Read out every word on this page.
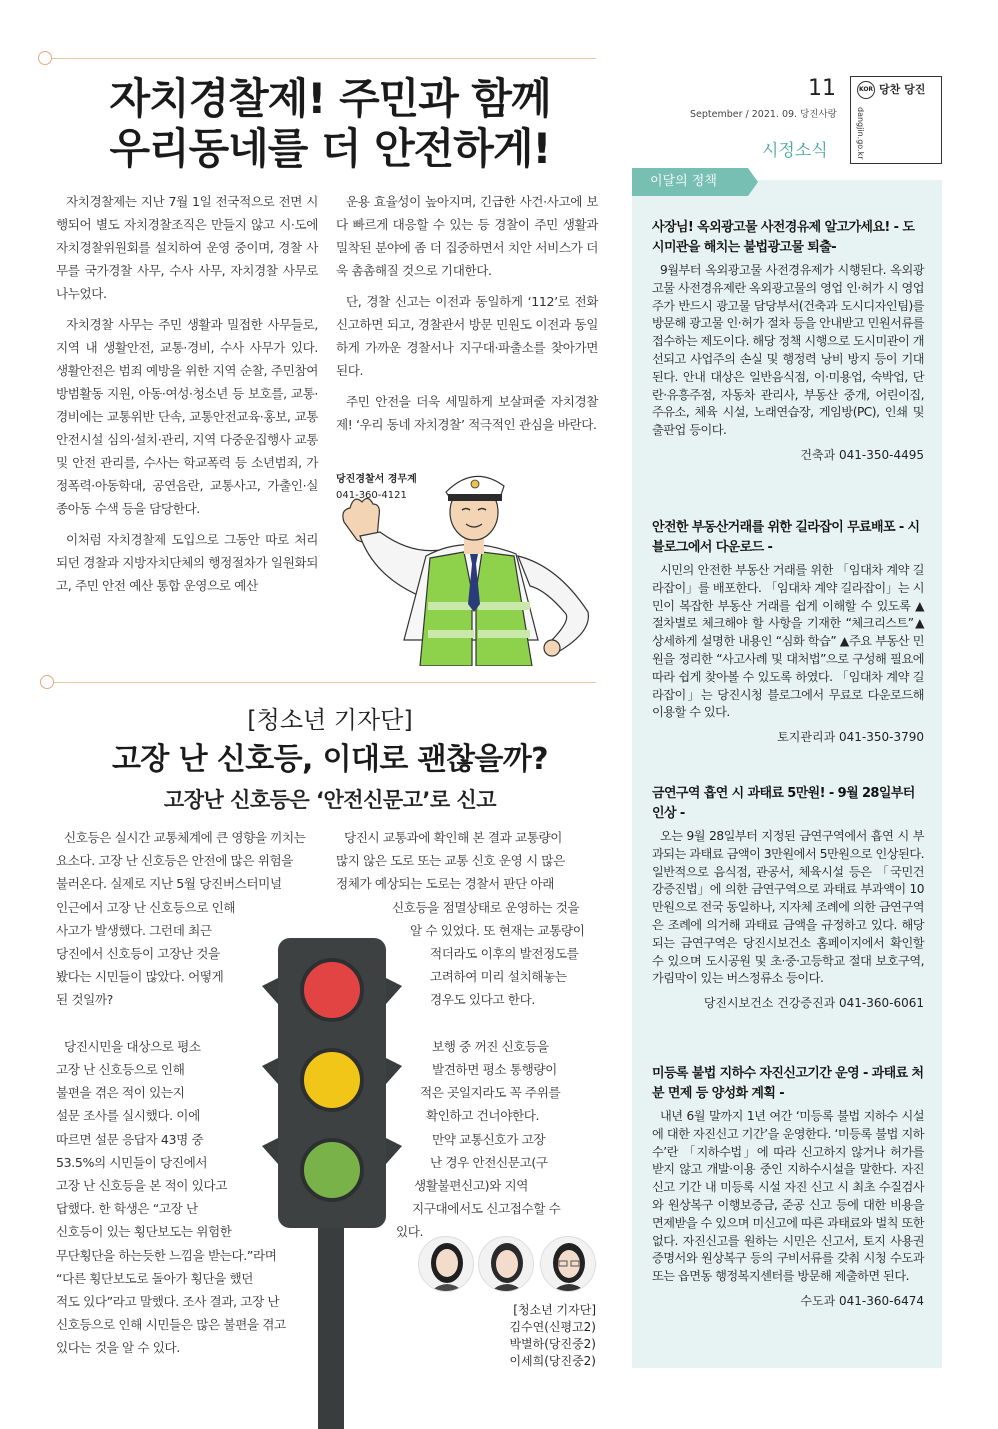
11
September / 2021. 09. 당진사랑
시정소식
KOR 당찬 당진
dangjin.go.kr
자치경찰제! 주민과 함께
우리동네를 더 안전하게!

자치경찰제는 지난 7월 1일 전국적으로 전면 시행되어 별도 자치경찰조직은 만들지 않고 시·도에 자치경찰위원회를 설치하여 운영 중이며, 경찰 사무를 국가경찰 사무, 수사 사무, 자치경찰 사무로 나누었다.

자치경찰 사무는 주민 생활과 밀접한 사무들로, 지역 내 생활안전, 교통·경비, 수사 사무가 있다. 생활안전은 범죄 예방을 위한 지역 순찰, 주민참여 방범활동 지원, 아동·여성·청소년 등 보호를, 교통·경비에는 교통위반 단속, 교통안전교육·홍보, 교통안전시설 심의·설치·관리, 지역 다중운집행사 교통 및 안전 관리를, 수사는 학교폭력 등 소년범죄, 가정폭력·아동학대, 공연음란, 교통사고, 가출인·실종아동 수색 등을 담당한다.

이처럼 자치경찰제 도입으로 그동안 따로 처리되던 경찰과 지방자치단체의 행정절차가 일원화되고, 주민 안전 예산 통합 운영으로 예산

운용 효율성이 높아지며, 긴급한 사건·사고에 보다 빠르게 대응할 수 있는 등 경찰이 주민 생활과 밀착된 분야에 좀 더 집중하면서 치안 서비스가 더욱 촘촘해질 것으로 기대한다.

단, 경찰 신고는 이전과 동일하게 ‘112’로 전화신고하면 되고, 경찰관서 방문 민원도 이전과 동일하게 가까운 경찰서나 지구대·파출소를 찾아가면 된다.

주민 안전을 더욱 세밀하게 보살펴줄 자치경찰제! ‘우리 동네 자치경찰’ 적극적인 관심을 바란다.

당진경찰서 경무계
041-360-4121
[청소년 기자단]
고장 난 신호등, 이대로 괜찮을까?
고장난 신호등은 ‘안전신문고’로 신고
신호등은 실시간 교통체계에 큰 영향을 끼치는
요소다. 고장 난 신호등은 안전에 많은 위험을
불러온다. 실제로 지난 5월 당진버스터미널
인근에서 고장 난 신호등으로 인해
사고가 발생했다. 그런데 최근
당진에서 신호등이 고장난 것을
봤다는 시민들이 많았다. 어떻게
된 것일까?
당진시민을 대상으로 평소
고장 난 신호등으로 인해
불편을 겪은 적이 있는지
설문 조사를 실시했다. 이에
따르면 설문 응답자 43명 중
53.5%의 시민들이 당진에서
고장 난 신호등을 본 적이 있다고
답했다. 한 학생은 “고장 난
신호등이 있는 횡단보도는 위험한
무단횡단을 하는듯한 느낌을 받는다.”라며
“다른 횡단보도로 돌아가 횡단을 했던
적도 있다”라고 말했다. 조사 결과, 고장 난
신호등으로 인해 시민들은 많은 불편을 겪고
있다는 것을 알 수 있다.
당진시 교통과에 확인해 본 결과 교통량이
많지 않은 도로 또는 교통 신호 운영 시 많은
정체가 예상되는 도로는 경찰서 판단 아래
신호등을 점멸상태로 운영하는 것을
알 수 있었다. 또 현재는 교통량이
적더라도 이후의 발전정도를
고려하여 미리 설치해놓는
경우도 있다고 한다.
보행 중 꺼진 신호등을
발견하면 평소 통행량이
적은 곳일지라도 꼭 주위를
확인하고 건너야한다.
만약 교통신호가 고장
난 경우 안전신문고(구
생활불편신고)와 지역
지구대에서도 신고접수할 수
있다.
[청소년 기자단]
김수연(신평고2)
박별하(당진중2)
이세희(당진중2)
이달의 정책
사장님! 옥외광고물 사전경유제 알고가세요! - 도시미관을 해치는 불법광고물 퇴출-
9월부터 옥외광고물 사전경유제가 시행된다. 옥외광고물 사전경유제란 옥외광고물의 영업 인·허가 시 영업주가 반드시 광고물 담당부서(건축과 도시디자인팀)를 방문해 광고물 인·허가 절차 등을 안내받고 민원서류를 접수하는 제도이다. 해당 정책 시행으로 도시미관이 개선되고 사업주의 손실 및 행정력 낭비 방지 등이 기대된다. 안내 대상은 일반음식점, 이·미용업, 숙박업, 단란·유흥주점, 자동차 관리사, 부동산 중개, 어린이집, 주유소, 체육 시설, 노래연습장, 게임방(PC), 인쇄 및 출판업 등이다.
건축과 041-350-4495
안전한 부동산거래를 위한 길라잡이 무료배포 - 시 블로그에서 다운로드 -
시민의 안전한 부동산 거래를 위한 「임대차 계약 길라잡이」를 배포한다. 「임대차 계약 길라잡이」는 시민이 복잡한 부동산 거래를 쉽게 이해할 수 있도록 ▲절차별로 체크해야 할 사항을 기재한 “체크리스트”▲상세하게 설명한 내용인 “심화 학습” ▲주요 부동산 민원을 정리한 “사고사례 및 대처법”으로 구성해 필요에 따라 쉽게 찾아볼 수 있도록 하였다. 「임대차 계약 길라잡이」는 당진시청 블로그에서 무료로 다운로드해 이용할 수 있다.
토지관리과 041-350-3790
금연구역 흡연 시 과태료 5만원! - 9월 28일부터 인상 -
오는 9월 28일부터 지정된 금연구역에서 흡연 시 부과되는 과태료 금액이 3만원에서 5만원으로 인상된다. 일반적으로 음식점, 관공서, 체육시설 등은 「국민건강증진법」에 의한 금연구역으로 과태료 부과액이 10만원으로 전국 동일하나, 지자체 조례에 의한 금연구역은 조례에 의거해 과태료 금액을 규정하고 있다. 해당되는 금연구역은 당진시보건소 홈페이지에서 확인할 수 있으며 도시공원 및 초·중·고등학교 절대 보호구역, 가림막이 있는 버스정류소 등이다.
당진시보건소 건강증진과 041-360-6061
미등록 불법 지하수 자진신고기간 운영 - 과태료 처분 면제 등 양성화 계획 -
내년 6월 말까지 1년 여간 ‘미등록 불법 지하수 시설에 대한 자진신고 기간’을 운영한다. ‘미등록 불법 지하수’란 「지하수법」에 따라 신고하지 않거나 허가를 받지 않고 개발·이용 중인 지하수시설을 말한다. 자진신고 기간 내 미등록 시설 자진 신고 시 최초 수질검사와 원상복구 이행보증금, 준공 신고 등에 대한 비용을 면제받을 수 있으며 미신고에 따른 과태료와 벌칙 또한 없다. 자진신고를 원하는 시민은 신고서, 토지 사용권 증명서와 원상복구 등의 구비서류를 갖춰 시청 수도과 또는 읍면동 행정복지센터를 방문해 제출하면 된다.
수도과 041-360-6474
